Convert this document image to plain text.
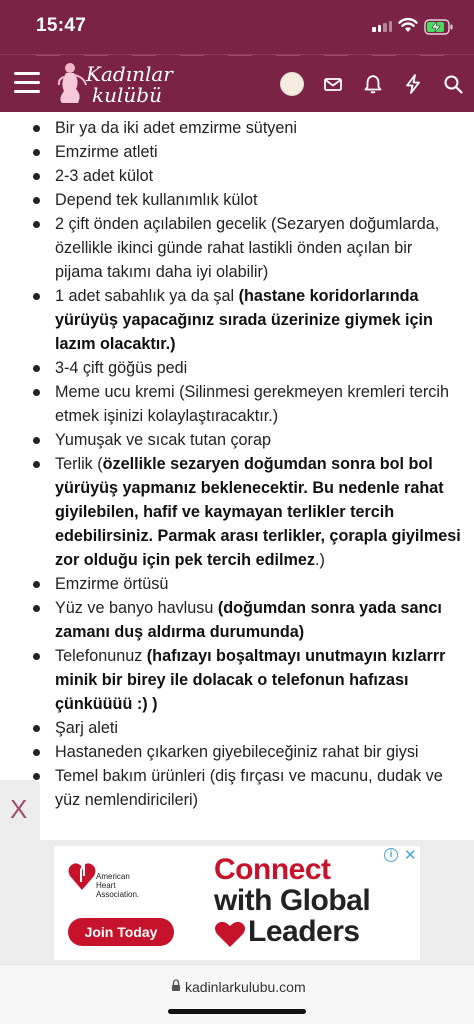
15:47
Kadınlar
kulübü
Bir ya da iki adet emzirme sütyeni
Emzirme atleti
2-3 adet külot
Depend tek kullanımlık külot
2 çift önden açılabilen gecelik (Sezaryen doğumlarda, özellikle ikinci günde rahat lastikli önden açılan bir pijama takımı daha iyi olabilir)
1 adet sabahlık ya da şal (hastane koridorlarında yürüyüş yapacağınız sırada üzerinize giymek için lazım olacaktır.)
3-4 çift göğüs pedi
Meme ucu kremi (Silinmesi gerekmeyen kremleri tercih etmek işinizi kolaylaştıracaktır.)
Yumuşak ve sıcak tutan çorap
Terlik (özellikle sezaryen doğumdan sonra bol bol yürüyüş yapmanız beklenecektir. Bu nedenle rahat giyilebilen, hafif ve kaymayan terlikler tercih edebilirsiniz. Parmak arası terlikler, çorapla giyilmesi zor olduğu için pek tercih edilmez.)
Emzirme örtüsü
Yüz ve banyo havlusu (doğumdan sonra yada sancı zamanı duş aldırma durumunda)
Telefonunuz (hafızayı boşaltmayı unutmayın kızlarrr minik bir birey ile dolacak o telefonun hafızası çünküüüü :) )
Şarj aleti
Hastaneden çıkarken giyebileceğiniz rahat bir giysi
Temel bakım ürünleri (diş fırçası ve macunu, dudak ve yüz nemlendiricileri)
X
American Heart Association.
Join Today
Connect
with Global
Leaders
i ✕
kadinlarkulubu.com
